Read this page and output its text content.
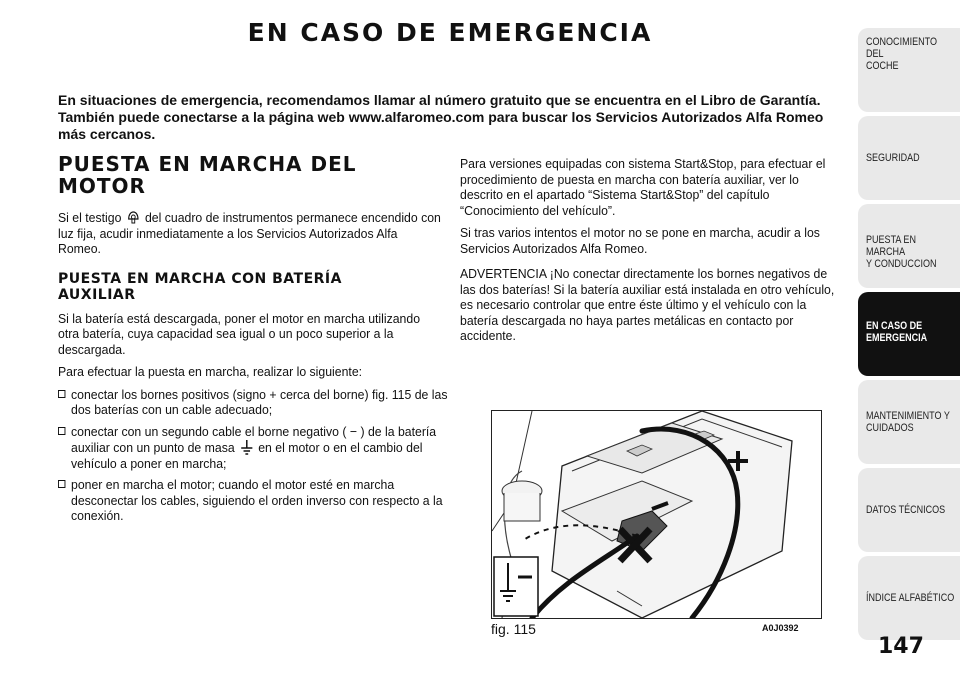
EN CASO DE EMERGENCIA

En situaciones de emergencia, recomendamos llamar al número gratuito que se encuentra en el Libro de Garantía. También puede conectarse a la página web www.alfaromeo.com para buscar los Servicios Autorizados Alfa Romeo más cercanos.

PUESTA EN MARCHA DEL
MOTOR

Si el testigo del cuadro de instrumentos permanece encendido con luz fija, acudir inmediatamente a los Servicios Autorizados Alfa Romeo.

PUESTA EN MARCHA CON BATERÍA
AUXILIAR

Si la batería está descargada, poner el motor en marcha utilizando otra batería, cuya capacidad sea igual o un poco superior a la descargada.

Para efectuar la puesta en marcha, realizar lo siguiente:

conectar los bornes positivos (signo + cerca del borne) fig. 115 de las dos baterías con un cable adecuado;
conectar con un segundo cable el borne negativo ( − ) de la batería auxiliar con un punto de masa en el motor o en el cambio del vehículo a poner en marcha;
poner en marcha el motor; cuando el motor esté en marcha desconectar los cables, siguiendo el orden inverso con respecto a la conexión.

Para versiones equipadas con sistema Start&Stop, para efectuar el procedimiento de puesta en marcha con batería auxiliar, ver lo descrito en el apartado “Sistema Start&Stop” del capítulo “Conocimiento del vehículo”.

Si tras varios intentos el motor no se pone en marcha, acudir a los Servicios Autorizados Alfa Romeo.

ADVERTENCIA ¡No conectar directamente los bornes negativos de las dos baterías! Si la batería auxiliar está instalada en otro vehículo, es necesario controlar que entre éste último y el vehículo con la batería descargada no haya partes metálicas en contacto por accidente.

fig. 115	A0J0392
CONOCIMIENTO DEL
COCHE
SEGURIDAD
PUESTA EN MARCHA
Y CONDUCCION
EN CASO DE
EMERGENCIA
MANTENIMIENTO Y
CUIDADOS
DATOS TÉCNICOS
ÍNDICE ALFABÉTICO
147
